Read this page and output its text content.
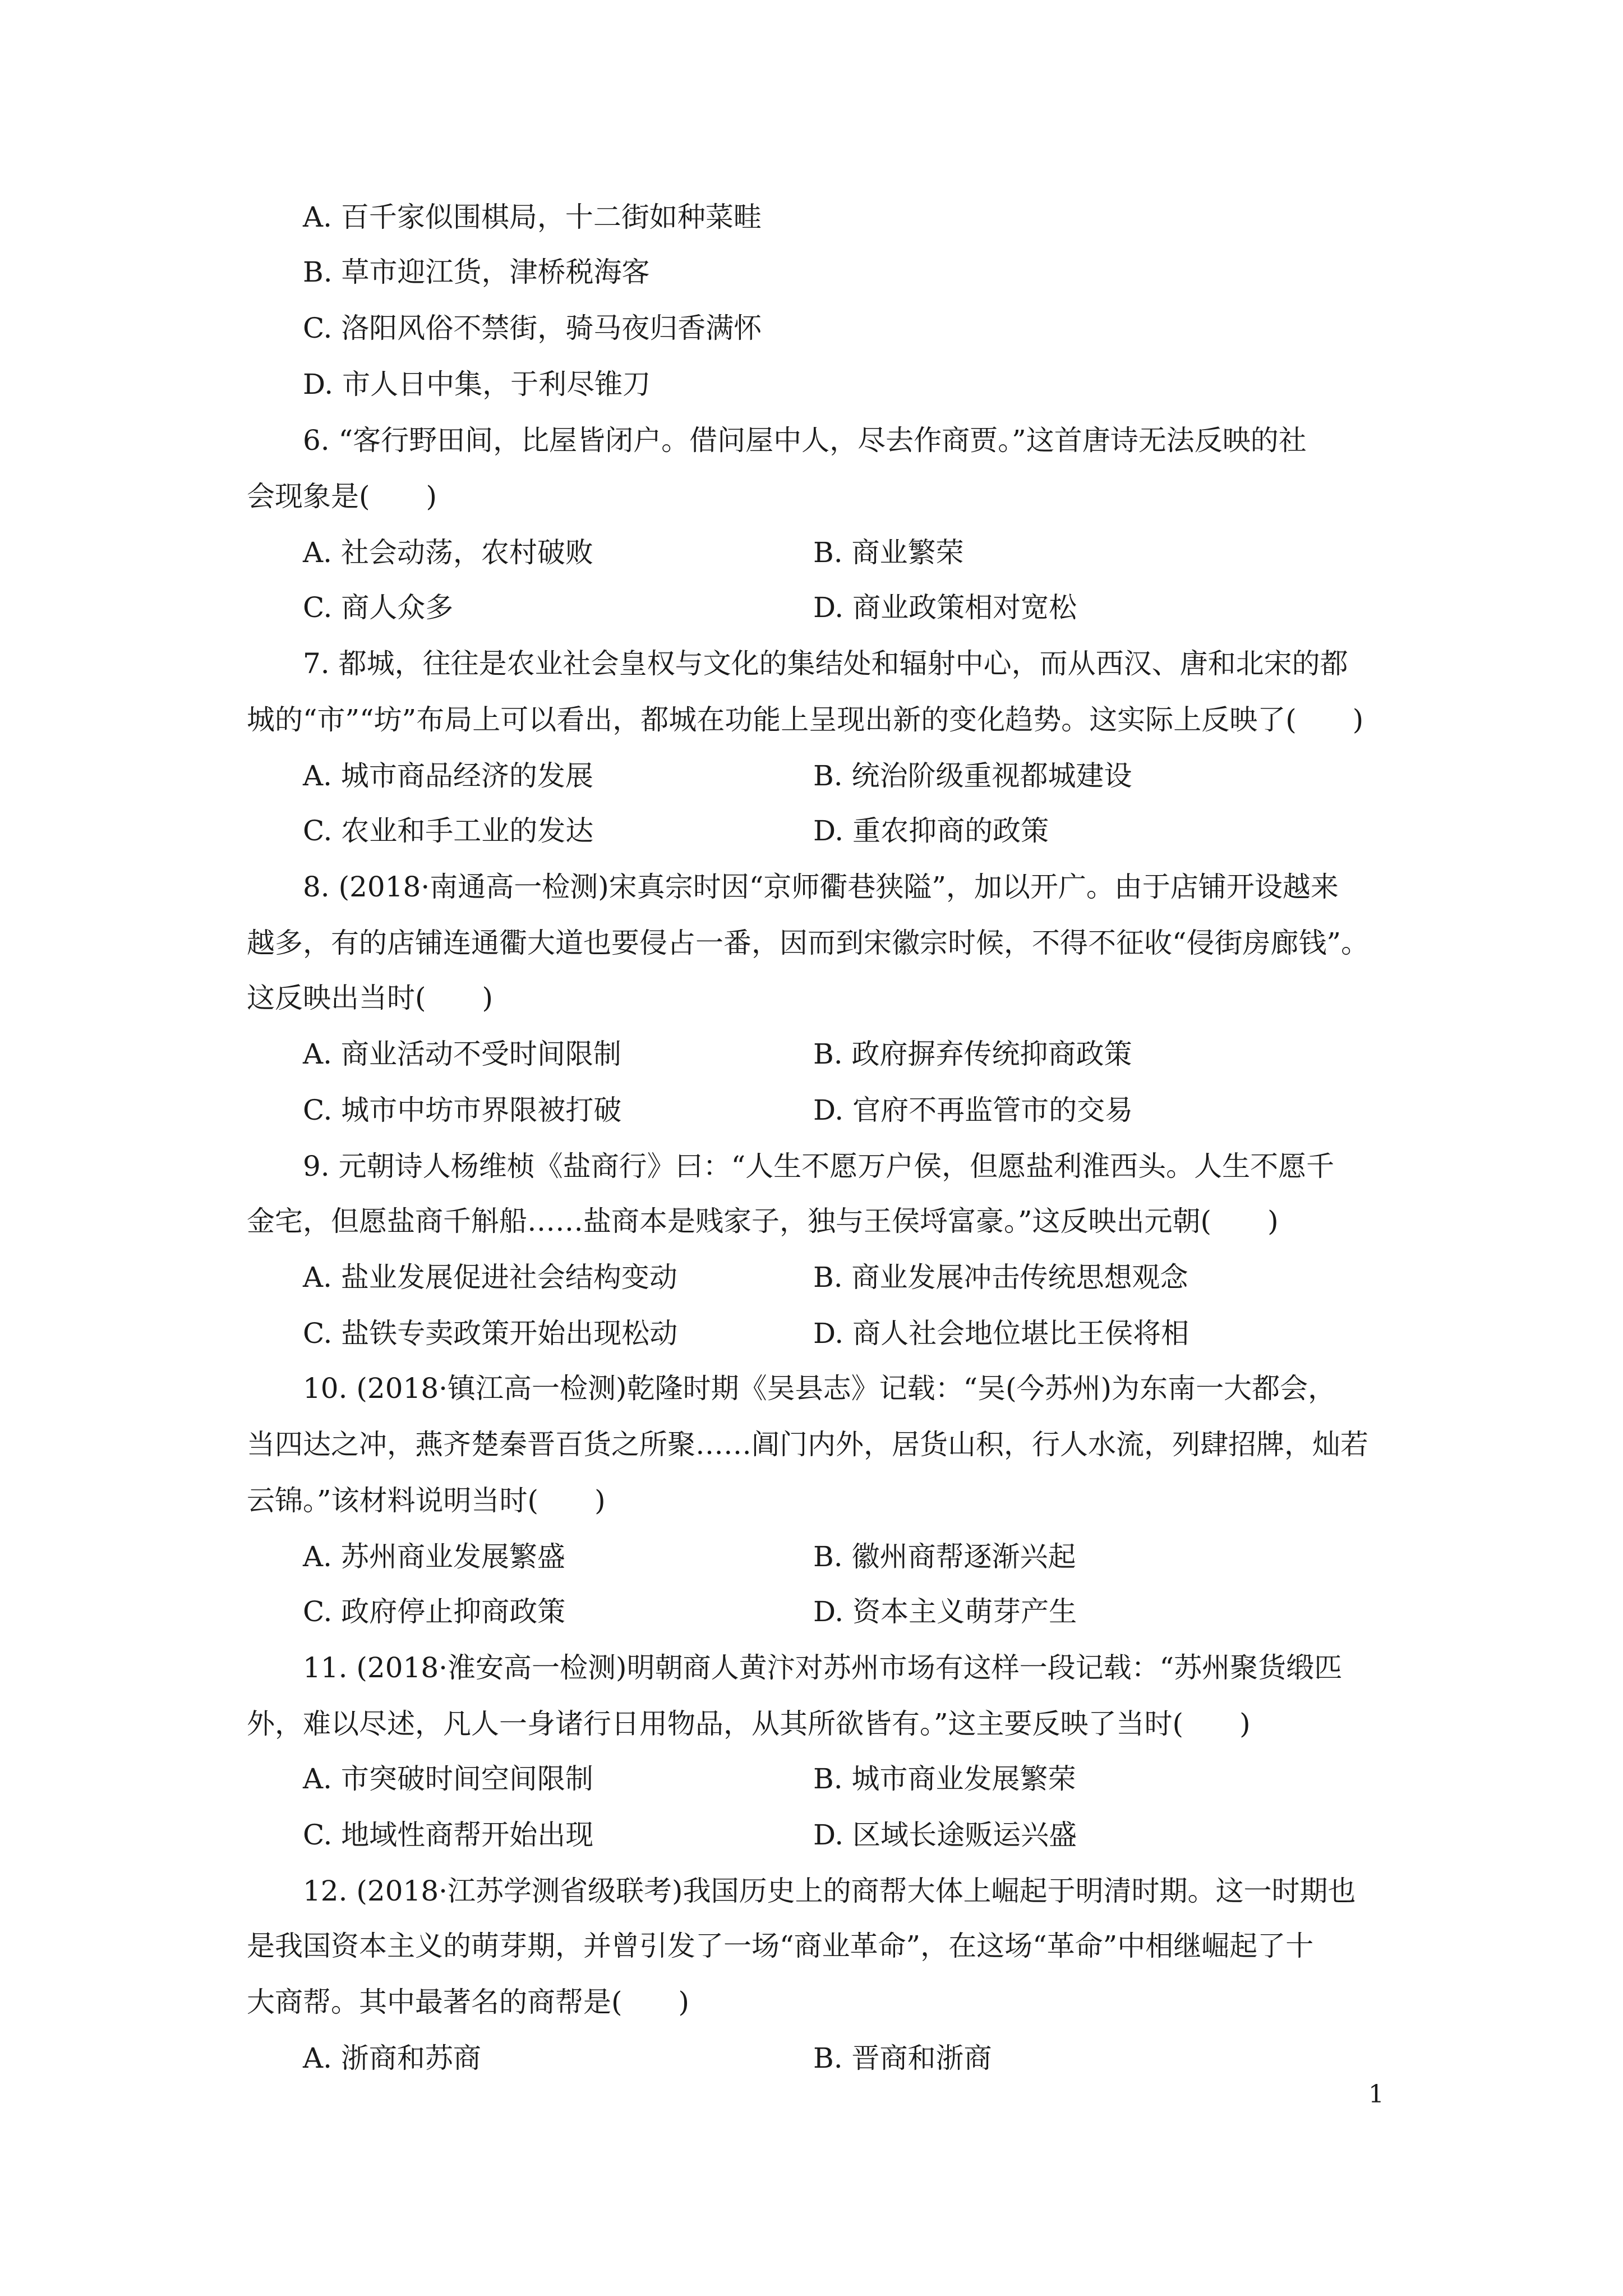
A. 百千家似围棋局，十二街如种菜畦
B. 草市迎江货，津桥税海客
C. 洛阳风俗不禁街，骑马夜归香满怀
D. 市人日中集，于利尽锥刀
6. “客行野田间，比屋皆闭户。借问屋中人，尽去作商贾。”这首唐诗无法反映的社
会现象是(　　)
A. 社会动荡，农村破败	B. 商业繁荣
C. 商人众多	D. 商业政策相对宽松
7. 都城，往往是农业社会皇权与文化的集结处和辐射中心，而从西汉、唐和北宋的都
城的“市”“坊”布局上可以看出，都城在功能上呈现出新的变化趋势。这实际上反映了(　　)
A. 城市商品经济的发展	B. 统治阶级重视都城建设
C. 农业和手工业的发达	D. 重农抑商的政策
8. (2018·南通高一检测)宋真宗时因“京师衢巷狭隘”，加以开广。由于店铺开设越来
越多，有的店铺连通衢大道也要侵占一番，因而到宋徽宗时候，不得不征收“侵街房廊钱”。
这反映出当时(　　)
A. 商业活动不受时间限制	B. 政府摒弃传统抑商政策
C. 城市中坊市界限被打破	D. 官府不再监管市的交易
9. 元朝诗人杨维桢《盐商行》曰：“人生不愿万户侯，但愿盐利淮西头。人生不愿千
金宅，但愿盐商千斛船……盐商本是贱家子，独与王侯埒富豪。”这反映出元朝(　　)
A. 盐业发展促进社会结构变动	B. 商业发展冲击传统思想观念
C. 盐铁专卖政策开始出现松动	D. 商人社会地位堪比王侯将相
10. (2018·镇江高一检测)乾隆时期《吴县志》记载：“吴(今苏州)为东南一大都会，
当四达之冲，燕齐楚秦晋百货之所聚……阊门内外，居货山积，行人水流，列肆招牌，灿若
云锦。”该材料说明当时(　　)
A. 苏州商业发展繁盛	B. 徽州商帮逐渐兴起
C. 政府停止抑商政策	D. 资本主义萌芽产生
11. (2018·淮安高一检测)明朝商人黄汴对苏州市场有这样一段记载：“苏州聚货缎匹
外，难以尽述，凡人一身诸行日用物品，从其所欲皆有。”这主要反映了当时(　　)
A. 市突破时间空间限制	B. 城市商业发展繁荣
C. 地域性商帮开始出现	D. 区域长途贩运兴盛
12. (2018·江苏学测省级联考)我国历史上的商帮大体上崛起于明清时期。这一时期也
是我国资本主义的萌芽期，并曾引发了一场“商业革命”，在这场“革命”中相继崛起了十
大商帮。其中最著名的商帮是(　　)
A. 浙商和苏商	B. 晋商和浙商
1
